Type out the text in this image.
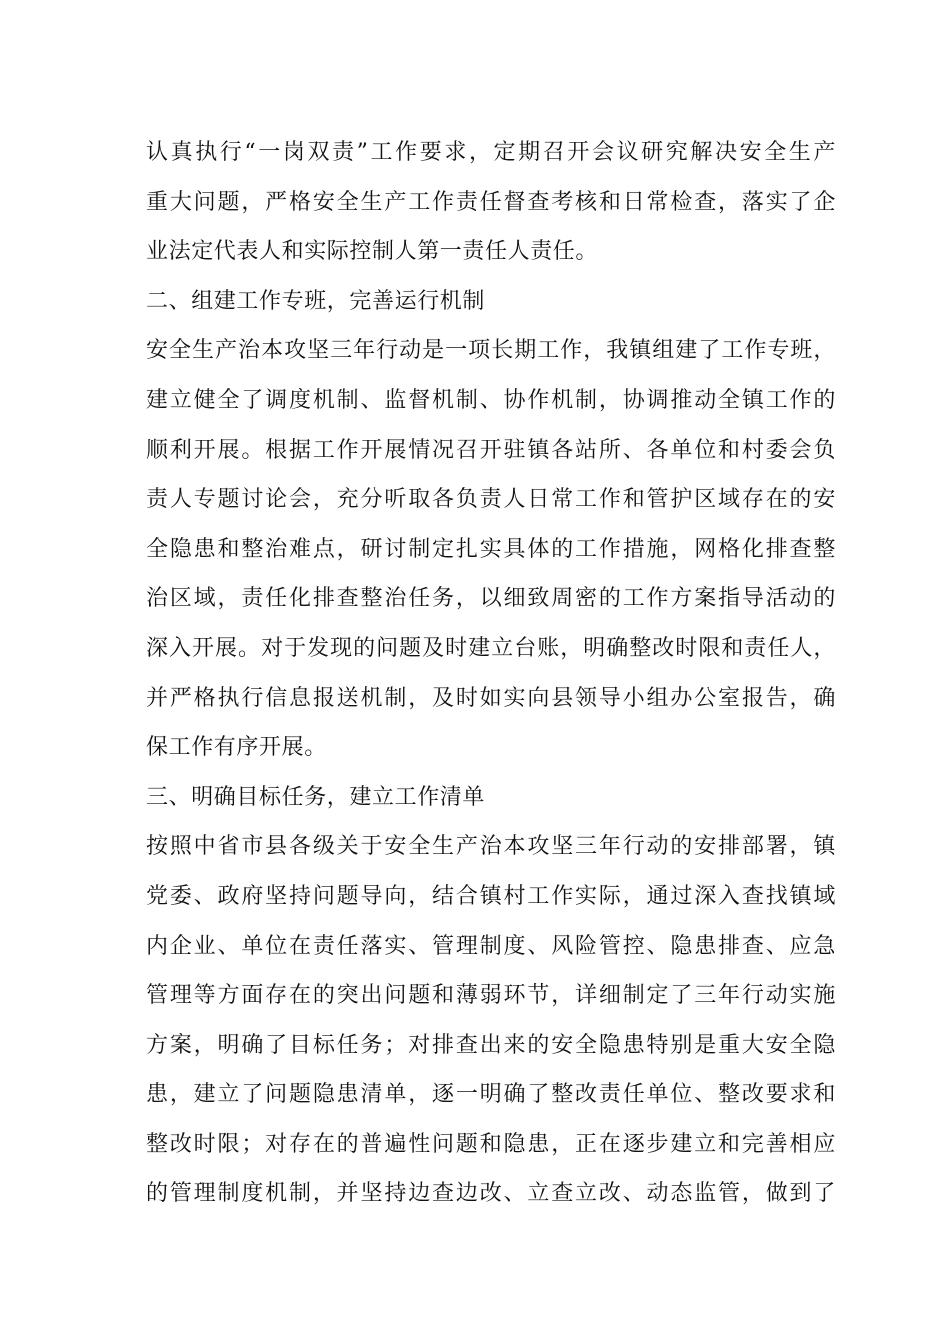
认真执行“一岗双责”工作要求，定期召开会议研究解决安全生产
重大问题，严格安全生产工作责任督查考核和日常检查，落实了企
业法定代表人和实际控制人第一责任人责任。
二、组建工作专班，完善运行机制
安全生产治本攻坚三年行动是一项长期工作，我镇组建了工作专班，
建立健全了调度机制、监督机制、协作机制，协调推动全镇工作的
顺利开展。根据工作开展情况召开驻镇各站所、各单位和村委会负
责人专题讨论会，充分听取各负责人日常工作和管护区域存在的安
全隐患和整治难点，研讨制定扎实具体的工作措施，网格化排查整
治区域，责任化排查整治任务，以细致周密的工作方案指导活动的
深入开展。对于发现的问题及时建立台账，明确整改时限和责任人，
并严格执行信息报送机制，及时如实向县领导小组办公室报告，确
保工作有序开展。
三、明确目标任务，建立工作清单
按照中省市县各级关于安全生产治本攻坚三年行动的安排部署，镇
党委、政府坚持问题导向，结合镇村工作实际，通过深入查找镇域
内企业、单位在责任落实、管理制度、风险管控、隐患排查、应急
管理等方面存在的突出问题和薄弱环节，详细制定了三年行动实施
方案，明确了目标任务；对排查出来的安全隐患特别是重大安全隐
患，建立了问题隐患清单，逐一明确了整改责任单位、整改要求和
整改时限；对存在的普遍性问题和隐患，正在逐步建立和完善相应
的管理制度机制，并坚持边查边改、立查立改、动态监管，做到了
